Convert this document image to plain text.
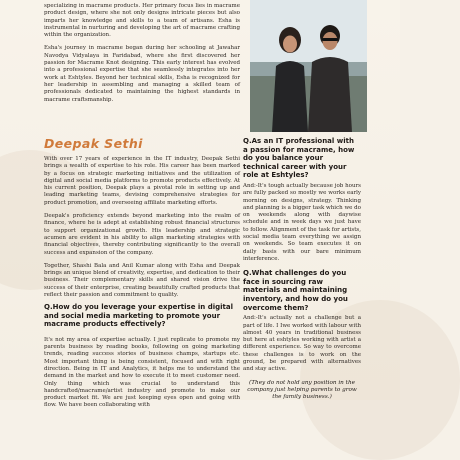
specializing in macrame products. Her primary focus lies in macrame product design, where she not only designs intricate pieces but also imparts her knowledge and skills to a team of artisans. Esha is instrumental in nurturing and developing the art of macrame crafting within the organization.

Esha's journey in macrame began during her schooling at Jawahar Navodya Vidyalaya in Faridabad, where she first discovered her passion for Macrame Knot designing. This early interest has evolved into a professional expertise that she seamlessly integrates into her work at Eshtyles. Beyond her technical skills, Esha is recognized for her leadership in assembling and managing a skilled team of professionals dedicated to maintaining the highest standards in macrame craftsmanship.

Deepak Sethi

With over 17 years of experience in the IT industry, Deepak Sethi brings a wealth of expertise to his role. His career has been marked by a focus on strategic marketing initiatives and the utilization of digital and social media platforms to promote products effectively. At his current position, Deepak plays a pivotal role in setting up and leading marketing teams, devising comprehensive strategies for product promotion, and overseeing affiliate marketing efforts.

Deepak's proficiency extends beyond marketing into the realm of finance, where he is adept at establishing robust financial structures to support organizational growth. His leadership and strategic acumen are evident in his ability to align marketing strategies with financial objectives, thereby contributing significantly to the overall success and expansion of the company.

Together, Shashi Bala and Anil Kumar along with Esha and Deepak brings an unique blend of creativity, expertise, and dedication to their business. Their complementary skills and shared vision drive the success of their enterprise, creating beautifully crafted products that reflect their passion and commitment to quality.

Q.How do you leverage your expertise in digital and social media marketing to promote your macrame products effectively?

It's not my area of expertise actually. I just replicate to promote my parents business by reading books, following on going marketing trends, reading success stories of business champs, startups etc. Most important thing is being consistent, focused and with right direction. Being in IT and Analytics, it helps me to understand the demand in the market and how to execute it to meet customer need. Only thing which was crucial to understand this handcrafted/macrame/artist industry and promote to make our product market fit. We are just keeping eyes open and going with flow. We have been collaborating with

Q.As an IT professional with a passion for macrame, how do you balance your technical career with your role at Eshtyles?

And:-It's tough actually because job hours are fully packed so mostly we works early morning on designs, strategy. Thinking and planning is a bigger task which we do on weekends along with daywise schedule and in week days we just have to follow. Alignment of the task for artists, social media team everything we assign on weekends. So team executes it on daily basis with our bare minimum interference.

Q.What challenges do you face in sourcing raw materials and maintaining inventory, and how do you overcome them?

And:-It's actually not a challenge but a part of life. I Iwe worked with labour with almost 40 years in traditional business but here at eshtyles working with artist a different experience. So way to overcome these challenges is to work on the ground, be prepared with alternatives and stay active.

(They do not hold any position in the company just helping parents to grow the family business.)
